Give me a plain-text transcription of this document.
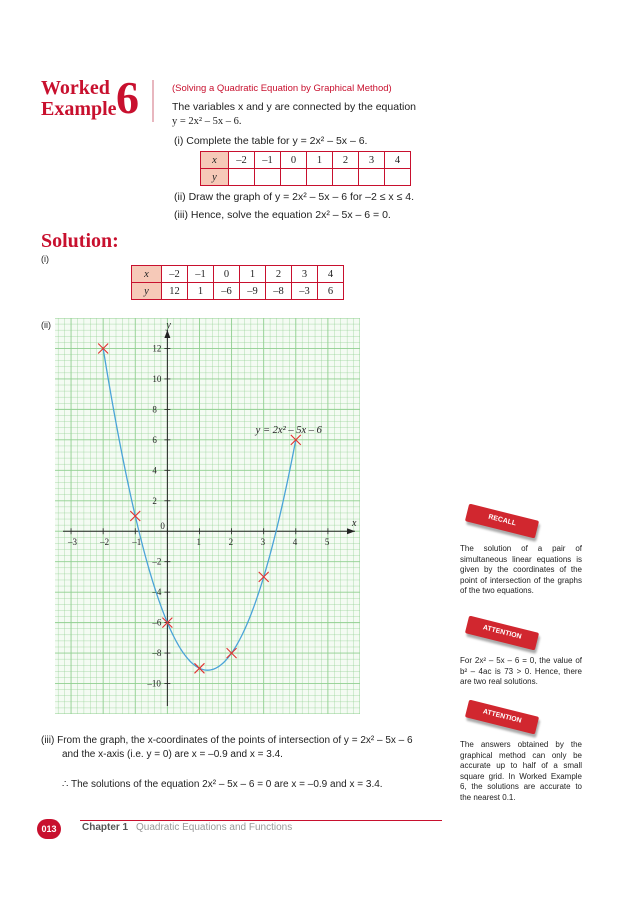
Worked
Example 6	(Solving a Quadratic Equation by Graphical Method)
The variables x and y are connected by the equation
y = 2x² – 5x – 6.
(i) Complete the table for y = 2x² – 5x – 6.
x	–2	–1	0	1	2	3	4
y							
(ii) Draw the graph of y = 2x² – 5x – 6 for –2 ≤ x ≤ 4.
(iii) Hence, solve the equation 2x² – 5x – 6 = 0.
Solution:
(i)
x	–2	–1	0	1	2	3	4
y	12	1	–6	–9	–8	–3	6
(ii)
–3	–2	–1
0
1	2	3	4	5
–10
–8
–6
–4
–2
2
4
6
8
10
12
y = 2x² – 5x – 6
x
y
(iii) From the graph, the x-coordinates of the points of intersection of y = 2x² – 5x – 6
and the x-axis (i.e. y = 0) are x = –0.9 and x = 3.4.
∴ The solutions of the equation 2x² – 5x – 6 = 0 are x = –0.9 and x = 3.4.
RECALL
The solution of a pair of simultaneous linear equations is given by the coordinates of the point of intersection of the graphs of the two equations.
ATTENTION
For 2x² – 5x – 6 = 0, the value of b² – 4ac is 73 > 0. Hence, there are two real solutions.
ATTENTION
The answers obtained by the graphical method can only be accurate up to half of a small square grid. In Worked Example 6, the solutions are accurate to the nearest 0.1.
013	Chapter 1 Quadratic Equations and Functions
